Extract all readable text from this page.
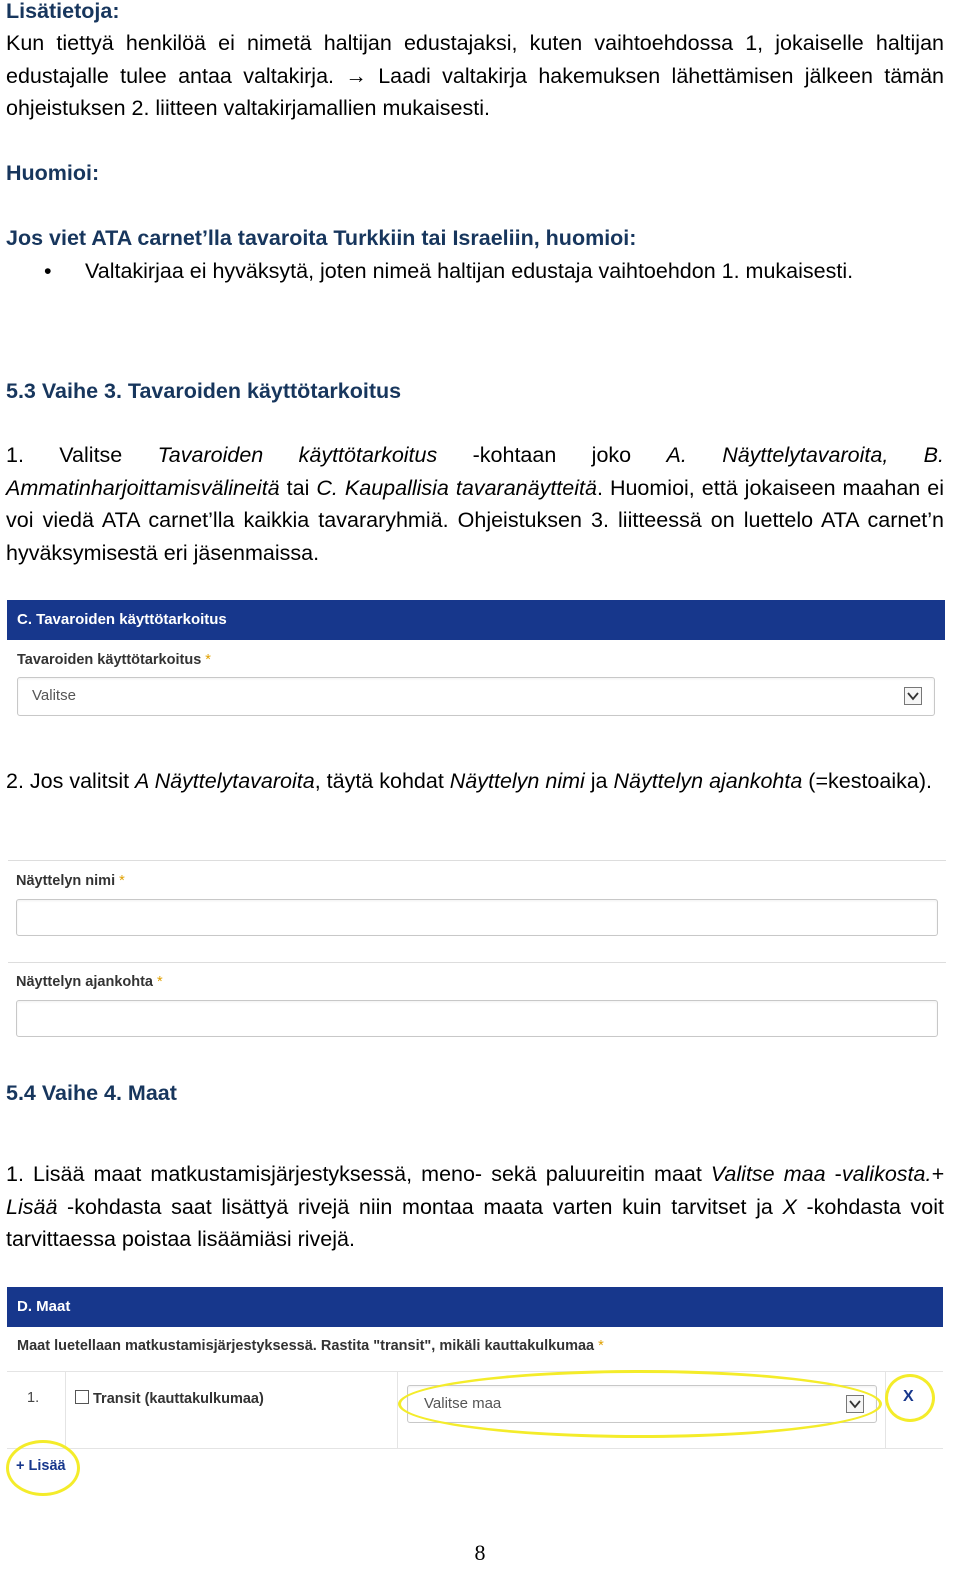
Lisätietoja:

Kun tiettyä henkilöä ei nimetä haltijan edustajaksi, kuten vaihtoehdossa 1, jokaiselle haltijan edustajalle tulee antaa valtakirja. → Laadi valtakirja hakemuksen lähettämisen jälkeen tämän ohjeistuksen 2. liitteen valtakirjamallien mukaisesti.

Huomioi:
Jos viet ATA carnet’lla tavaroita Turkkiin tai Israeliin, huomioi:
• Valtakirjaa ei hyväksytä, joten nimeä haltijan edustaja vaihtoehdon 1. mukaisesti.
5.3 Vaihe 3. Tavaroiden käyttötarkoitus

1. Valitse Tavaroiden käyttötarkoitus -kohtaan joko A. Näyttelytavaroita, B. Ammatinharjoittamisvälineitä tai C. Kaupallisia tavaranäytteitä. Huomioi, että jokaiseen maahan ei voi viedä ATA carnet’lla kaikkia tavararyhmiä. Ohjeistuksen 3. liitteessä on luettelo ATA carnet’n hyväksymisestä eri jäsenmaissa.

C. Tavaroiden käyttötarkoitus
Tavaroiden käyttötarkoitus *
Valitse

2. Jos valitsit A Näyttelytavaroita, täytä kohdat Näyttelyn nimi ja Näyttelyn ajankohta (=kestoaika).

Näyttelyn nimi *
Näyttelyn ajankohta *
5.4 Vaihe 4. Maat

1. Lisää maat matkustamisjärjestyksessä, meno- sekä paluureitin maat Valitse maa -valikosta.+ Lisää -kohdasta saat lisättyä rivejä niin montaa maata varten kuin tarvitset ja X -kohdasta voit tarvittaessa poistaa lisäämiäsi rivejä.

D. Maat
Maat luetellaan matkustamisjärjestyksessä. Rastita "transit", mikäli kauttakulkumaa *
1.	Transit (kauttakulkumaa)	Valitse maa	X
+ Lisää
8
